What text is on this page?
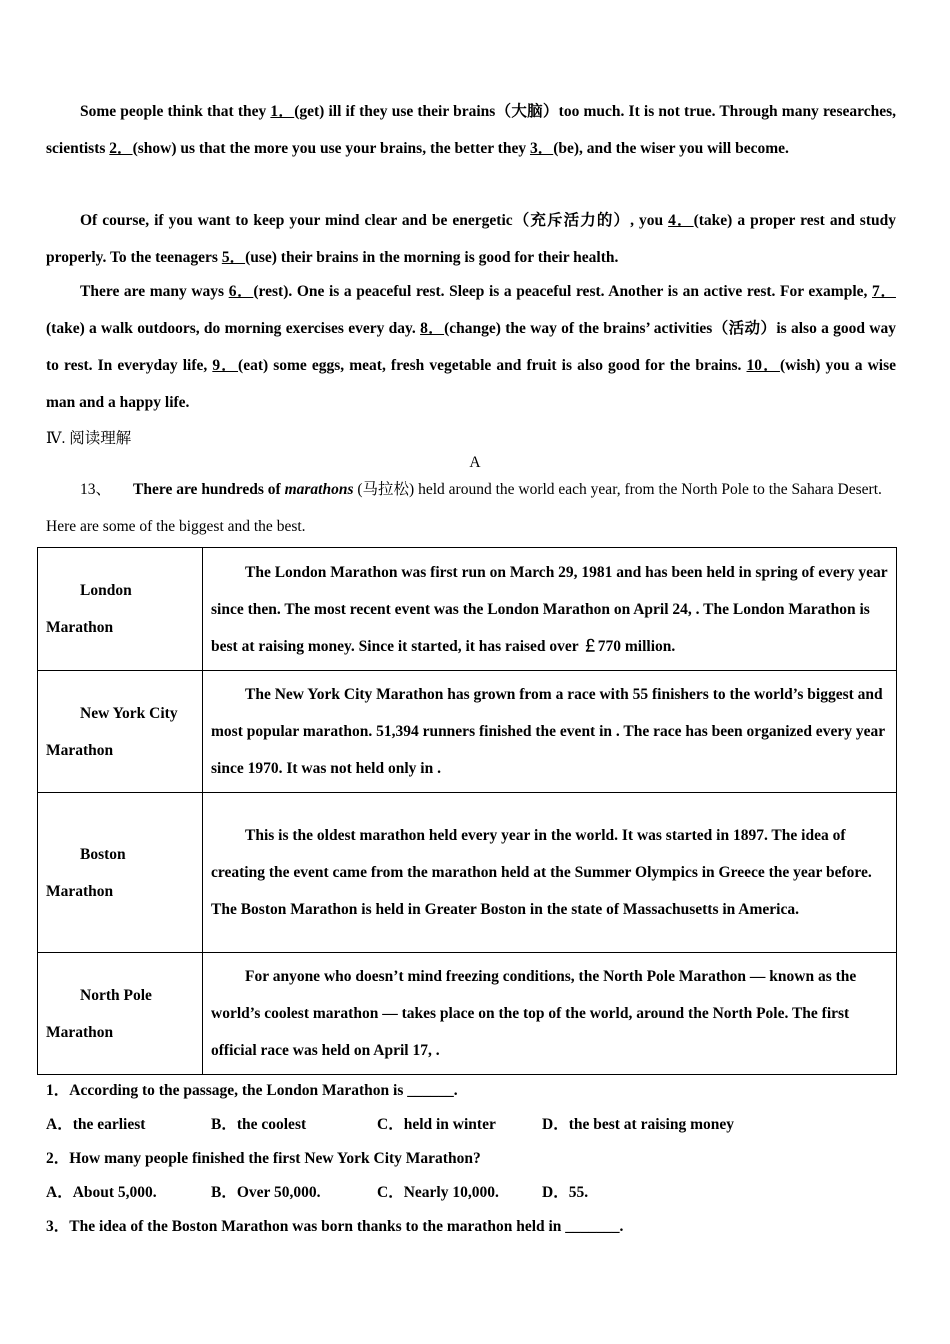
Some people think that they 1．(get) ill if they use their brains（大脑）too much. It is not true. Through many researches, scientists 2．(show) us that the more you use your brains, the better they 3．(be), and the wiser you will become.
Of course, if you want to keep your mind clear and be energetic（充斥活力的）, you 4．(take) a proper rest and study properly. To the teenagers 5．(use) their brains in the morning is good for their health.
There are many ways 6．(rest). One is a peaceful rest. Sleep is a peaceful rest. Another is an active rest. For example, 7．(take) a walk outdoors, do morning exercises every day. 8．(change) the way of the brains’ activities（活动）is also a good way to rest. In everyday life, 9．(eat) some eggs, meat, fresh vegetable and fruit is also good for the brains. 10．(wish) you a wise man and a happy life.
Ⅳ. 阅读理解
A
13、 There are hundreds of marathons (马拉松) held around the world each year, from the North Pole to the Sahara Desert. Here are some of the biggest and the best.
London
Marathon	The London Marathon was first run on March 29, 1981 and has been held in spring of every year since then. The most recent event was the London Marathon on April 24, . The London Marathon is best at raising money. Since it started, it has raised over ￡770 million.

New York City
Marathon	The New York City Marathon has grown from a race with 55 finishers to the world’s biggest and most popular marathon. 51,394 runners finished the event in . The race has been organized every year since 1970. It was not held only in .

Boston
Marathon	This is the oldest marathon held every year in the world. It was started in 1897. The idea of creating the event came from the marathon held at the Summer Olympics in Greece the year before. The Boston Marathon is held in Greater Boston in the state of Massachusetts in America.

North Pole
Marathon	For anyone who doesn’t mind freezing conditions, the North Pole Marathon — known as the world’s coolest marathon — takes place on the top of the world, around the North Pole. The first official race was held on April 17, .
1．According to the passage, the London Marathon is ______.
A．the earliest	B．the coolest	C．held in winter	D．the best at raising money
2．How many people finished the first New York City Marathon?
A．About 5,000.	B．Over 50,000.	C．Nearly 10,000.	D．55.
3．The idea of the Boston Marathon was born thanks to the marathon held in _______.
